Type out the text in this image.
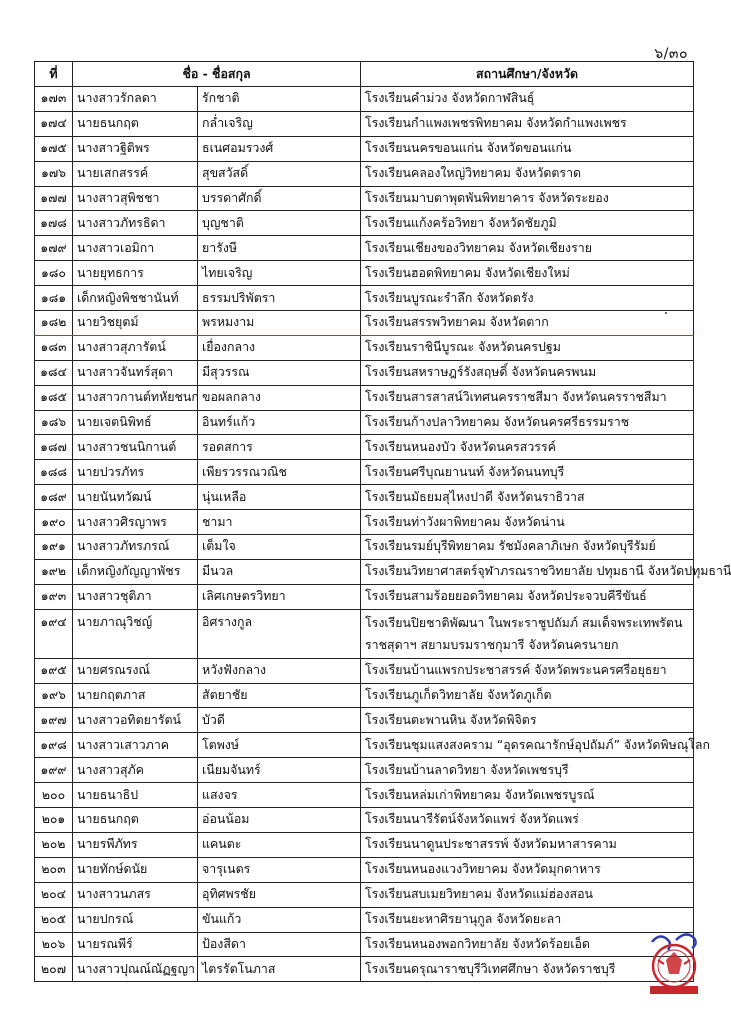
๖/๓๐
ที่	ชื่อ - ชื่อสกุล		สถานศึกษา/จังหวัด
๑๗๓	นางสาวรักลดา	รักชาติ	โรงเรียนคำม่วง จังหวัดกาฬสินธุ์
๑๗๔	นายธนกฤต	กล่ำเจริญ	โรงเรียนกำแพงเพชรพิทยาคม จังหวัดกำแพงเพชร
๑๗๕	นางสาวฐิติพร	ธเนศอมรวงศ์	โรงเรียนนครขอนแก่น จังหวัดขอนแก่น
๑๗๖	นายเสกสรรค์	สุขสวัสดิ์	โรงเรียนคลองใหญ่วิทยาคม จังหวัดตราด
๑๗๗	นางสาวสุพิชชา	บรรดาศักดิ์	โรงเรียนมาบตาพุดพันพิทยาคาร จังหวัดระยอง
๑๗๘	นางสาวภัทรธิดา	บุญชาติ	โรงเรียนแก้งคร้อวิทยา จังหวัดชัยภูมิ
๑๗๙	นางสาวเอมิกา	ยารังษี	โรงเรียนเชียงของวิทยาคม จังหวัดเชียงราย
๑๘๐	นายยุทธการ	ไทยเจริญ	โรงเรียนฮอดพิทยาคม จังหวัดเชียงใหม่
๑๘๑	เด็กหญิงพิชชานันท์	ธรรมปริพัตรา	โรงเรียนบูรณะรำลึก จังหวัดตรัง
๑๘๒	นายวิชยุตม์	พรหมงาม	โรงเรียนสรรพวิทยาคม จังหวัดตาก
๑๘๓	นางสาวสุภารัตน์	เยื่องกลาง	โรงเรียนราชินีบูรณะ จังหวัดนครปฐม
๑๘๔	นางสาวจันทร์สุดา	มีสุวรรณ	โรงเรียนสหราษฎร์รังสฤษดิ์ จังหวัดนครพนม
๑๘๕	นางสาวกานต์ทหัยชนก	ขอผลกลาง	โรงเรียนสารสาสน์วิเทศนครราชสีมา จังหวัดนครราชสีมา
๑๘๖	นายเจตนิพิทธ์	อินทร์แก้ว	โรงเรียนก้างปลาวิทยาคม จังหวัดนครศรีธรรมราช
๑๘๗	นางสาวชนนิกานต์	รอดสการ	โรงเรียนหนองบัว จังหวัดนครสวรรค์
๑๘๘	นายปวรภัทร	เพียรวรรณวณิช	โรงเรียนศรีบุณยานนท์ จังหวัดนนทบุรี
๑๘๙	นายนันทวัฒน์	นุ่นเหลือ	โรงเรียนมัธยมสุไหงปาดี จังหวัดนราธิวาส
๑๙๐	นางสาวศิรญาพร	ชามา	โรงเรียนท่าวังผาพิทยาคม จังหวัดน่าน
๑๙๑	นางสาวภัทรภรณ์	เต็มใจ	โรงเรียนรมย์บุรีพิทยาคม รัชมังคลาภิเษก จังหวัดบุรีรัมย์
๑๙๒	เด็กหญิงกัญญาพัชร	มีนวล	โรงเรียนวิทยาศาสตร์จุฬาภรณราชวิทยาลัย ปทุมธานี จังหวัดปทุมธานี
๑๙๓	นางสาวชุติภา	เลิศเกษตรวิทยา	โรงเรียนสามร้อยยอดวิทยาคม จังหวัดประจวบคีรีขันธ์
๑๙๔	นายภาณุวิชญ์	อิศรางกูล	โรงเรียนปิยชาติพัฒนา ในพระราชูปถัมภ์ สมเด็จพระเทพรัตนราชสุดาฯ สยามบรมราชกุมารี จังหวัดนครนายก
๑๙๕	นายศรณรงณ์	หวังฟังกลาง	โรงเรียนบ้านแพรกประชาสรรค์ จังหวัดพระนครศรีอยุธยา
๑๙๖	นายกฤตภาส	สัตยาชัย	โรงเรียนภูเก็ตวิทยาลัย จังหวัดภูเก็ต
๑๙๗	นางสาวอทิตยารัตน์	บัวดี	โรงเรียนตะพานหิน จังหวัดพิจิตร
๑๙๘	นางสาวเสาวภาค	โตพงษ์	โรงเรียนชุมแสงสงคราม “อุดรคณารักษ์อุปถัมภ์” จังหวัดพิษณุโลก
๑๙๙	นางสาวสุภัค	เนียมจันทร์	โรงเรียนบ้านลาดวิทยา จังหวัดเพชรบุรี
๒๐๐	นายธนาธิป	แสงจร	โรงเรียนหล่มเก่าพิทยาคม จังหวัดเพชรบูรณ์
๒๐๑	นายธนกฤต	อ่อนน้อม	โรงเรียนนารีรัตน์จังหวัดแพร่ จังหวัดแพร่
๒๐๒	นายรพีภัทร	แคนตะ	โรงเรียนนาดูนประชาสรรพ์ จังหวัดมหาสารคาม
๒๐๓	นายทักษ์ดนัย	จารุเนตร	โรงเรียนหนองแวงวิทยาคม จังหวัดมุกดาหาร
๒๐๔	นางสาวนภสร	อุทิศพรชัย	โรงเรียนสบเมยวิทยาคม จังหวัดแม่ฮ่องสอน
๒๐๕	นายปกรณ์	ขันแก้ว	โรงเรียนยะหาศิรยานุกูล จังหวัดยะลา
๒๐๖	นายรณพีร์	ป้องสีดา	โรงเรียนหนองพอกวิทยาลัย จังหวัดร้อยเอ็ด
๒๐๗	นางสาวปุณณ์ณัฏฐญา	ไตรรัตโนภาส	โรงเรียนดรุณาราชบุรีวิเทศศึกษา จังหวัดราชบุรี
